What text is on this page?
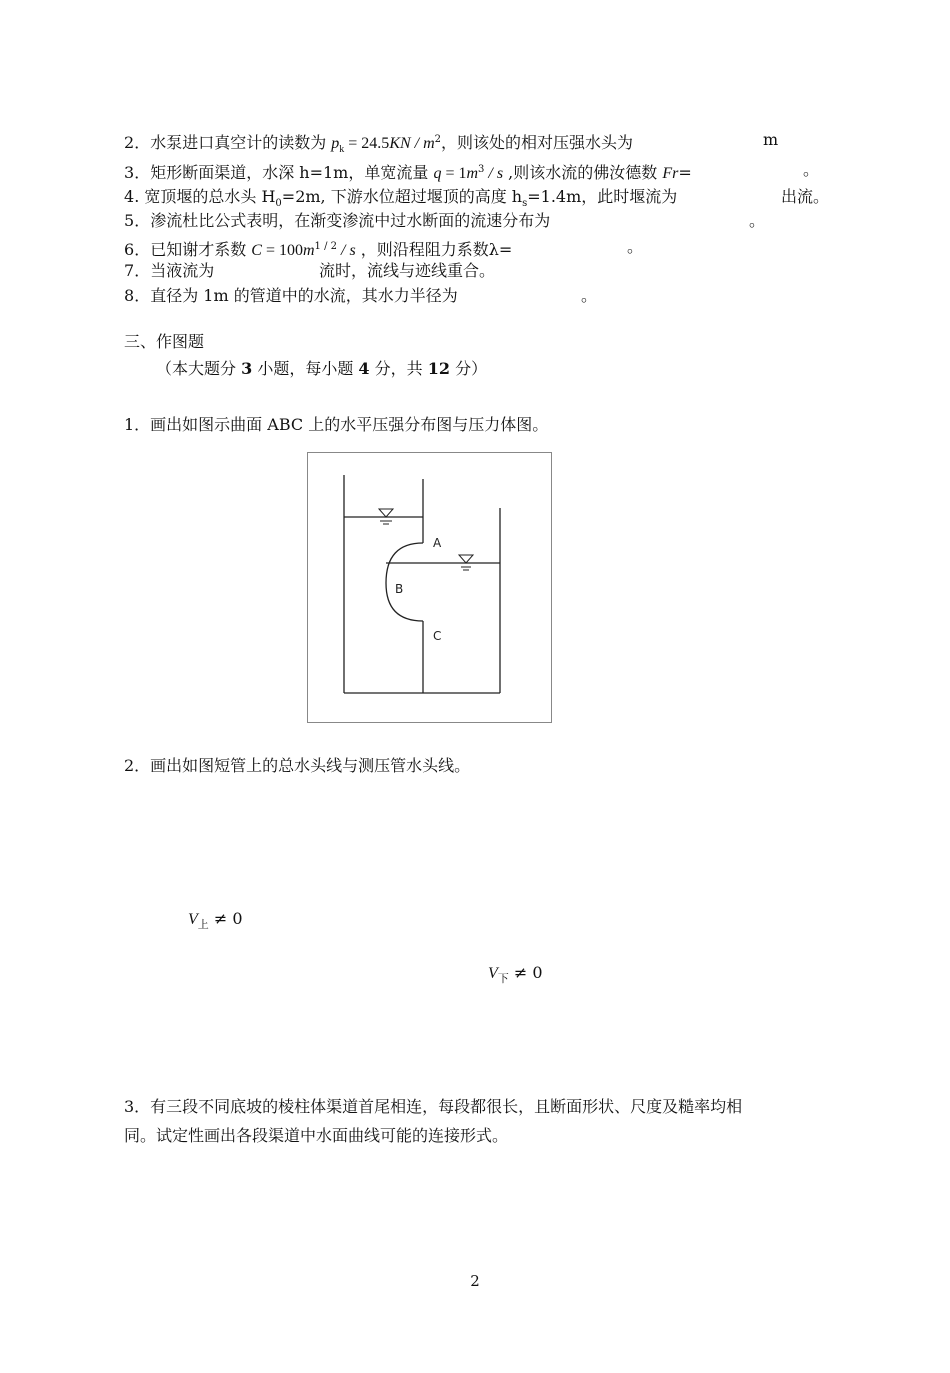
2．水泵进口真空计的读数为 $p_k = 24.5KN / m^2$，则该处的相对压强水头为	m
3．矩形断面渠道，水深 h=1m，单宽流量 $q = 1m^3 / s$ ,则该水流的佛汝德数 Fr=	。
4. 宽顶堰的总水头 $H_0=2m$, 下游水位超过堰顶的高度 $h_s=1.4m$，此时堰流为	出流。
5．渗流杜比公式表明，在渐变渗流中过水断面的流速分布为	。
6．已知谢才系数 $C = 100m^{1 / 2} / s$ ，则沿程阻力系数λ=	。
7．当液流为	流时，流线与迹线重合。
8．直径为 1m 的管道中的水流，其水力半径为	。
三、作图题
（本大题分 3 小题，每小题 4 分，共 12 分）
1．画出如图示曲面 ABC 上的水平压强分布图与压力体图。
A
B
C
2．画出如图短管上的总水头线与测压管水头线。
$V_上 \ne 0$
$V_下 \ne 0$
3．有三段不同底坡的棱柱体渠道首尾相连，每段都很长，且断面形状、尺度及糙率均相
同。试定性画出各段渠道中水面曲线可能的连接形式。
2
